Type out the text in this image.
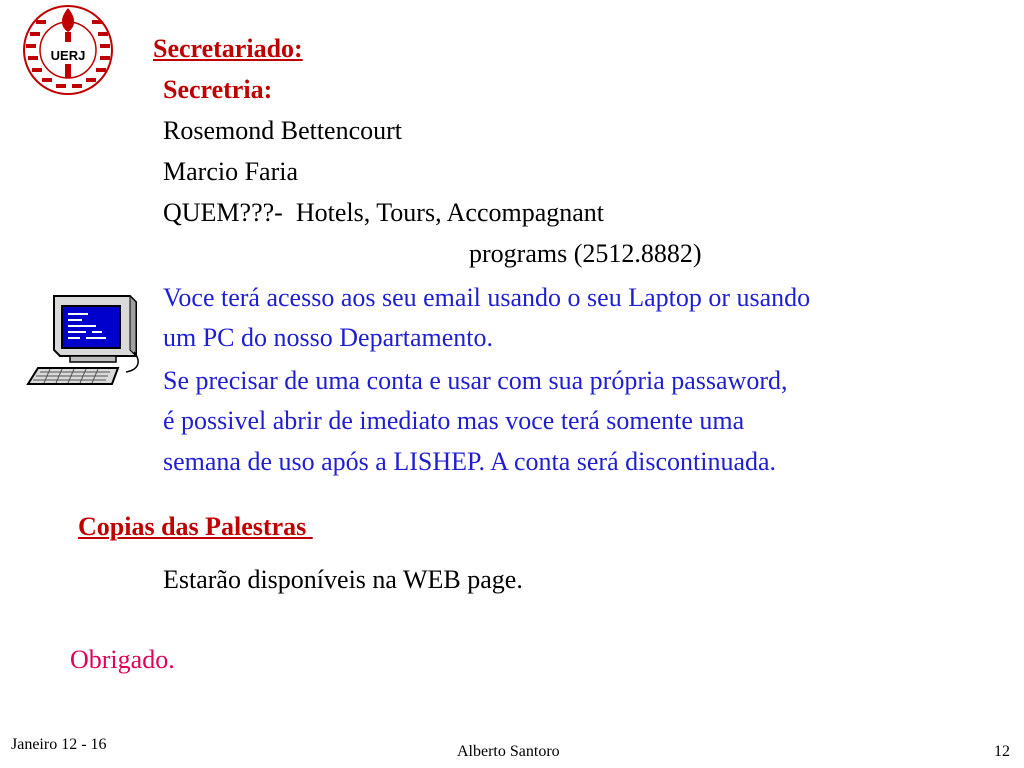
UERJ	Secretariado:
Secretria:
Rosemond Bettencourt
Marcio Faria
QUEM???-  Hotels, Tours, Accompagnant
programs (2512.8882)
Voce terá acesso aos seu email usando o seu Laptop or usando
um PC do nosso Departamento.
Se precisar de uma conta e usar com sua própria passaword,
é possivel abrir de imediato mas voce terá somente uma
semana de uso após a LISHEP. A conta será discontinuada.
Copias das Palestras
Estarão disponíveis na WEB page.
Obrigado.
Janeiro 12 - 16	Alberto Santoro	12
